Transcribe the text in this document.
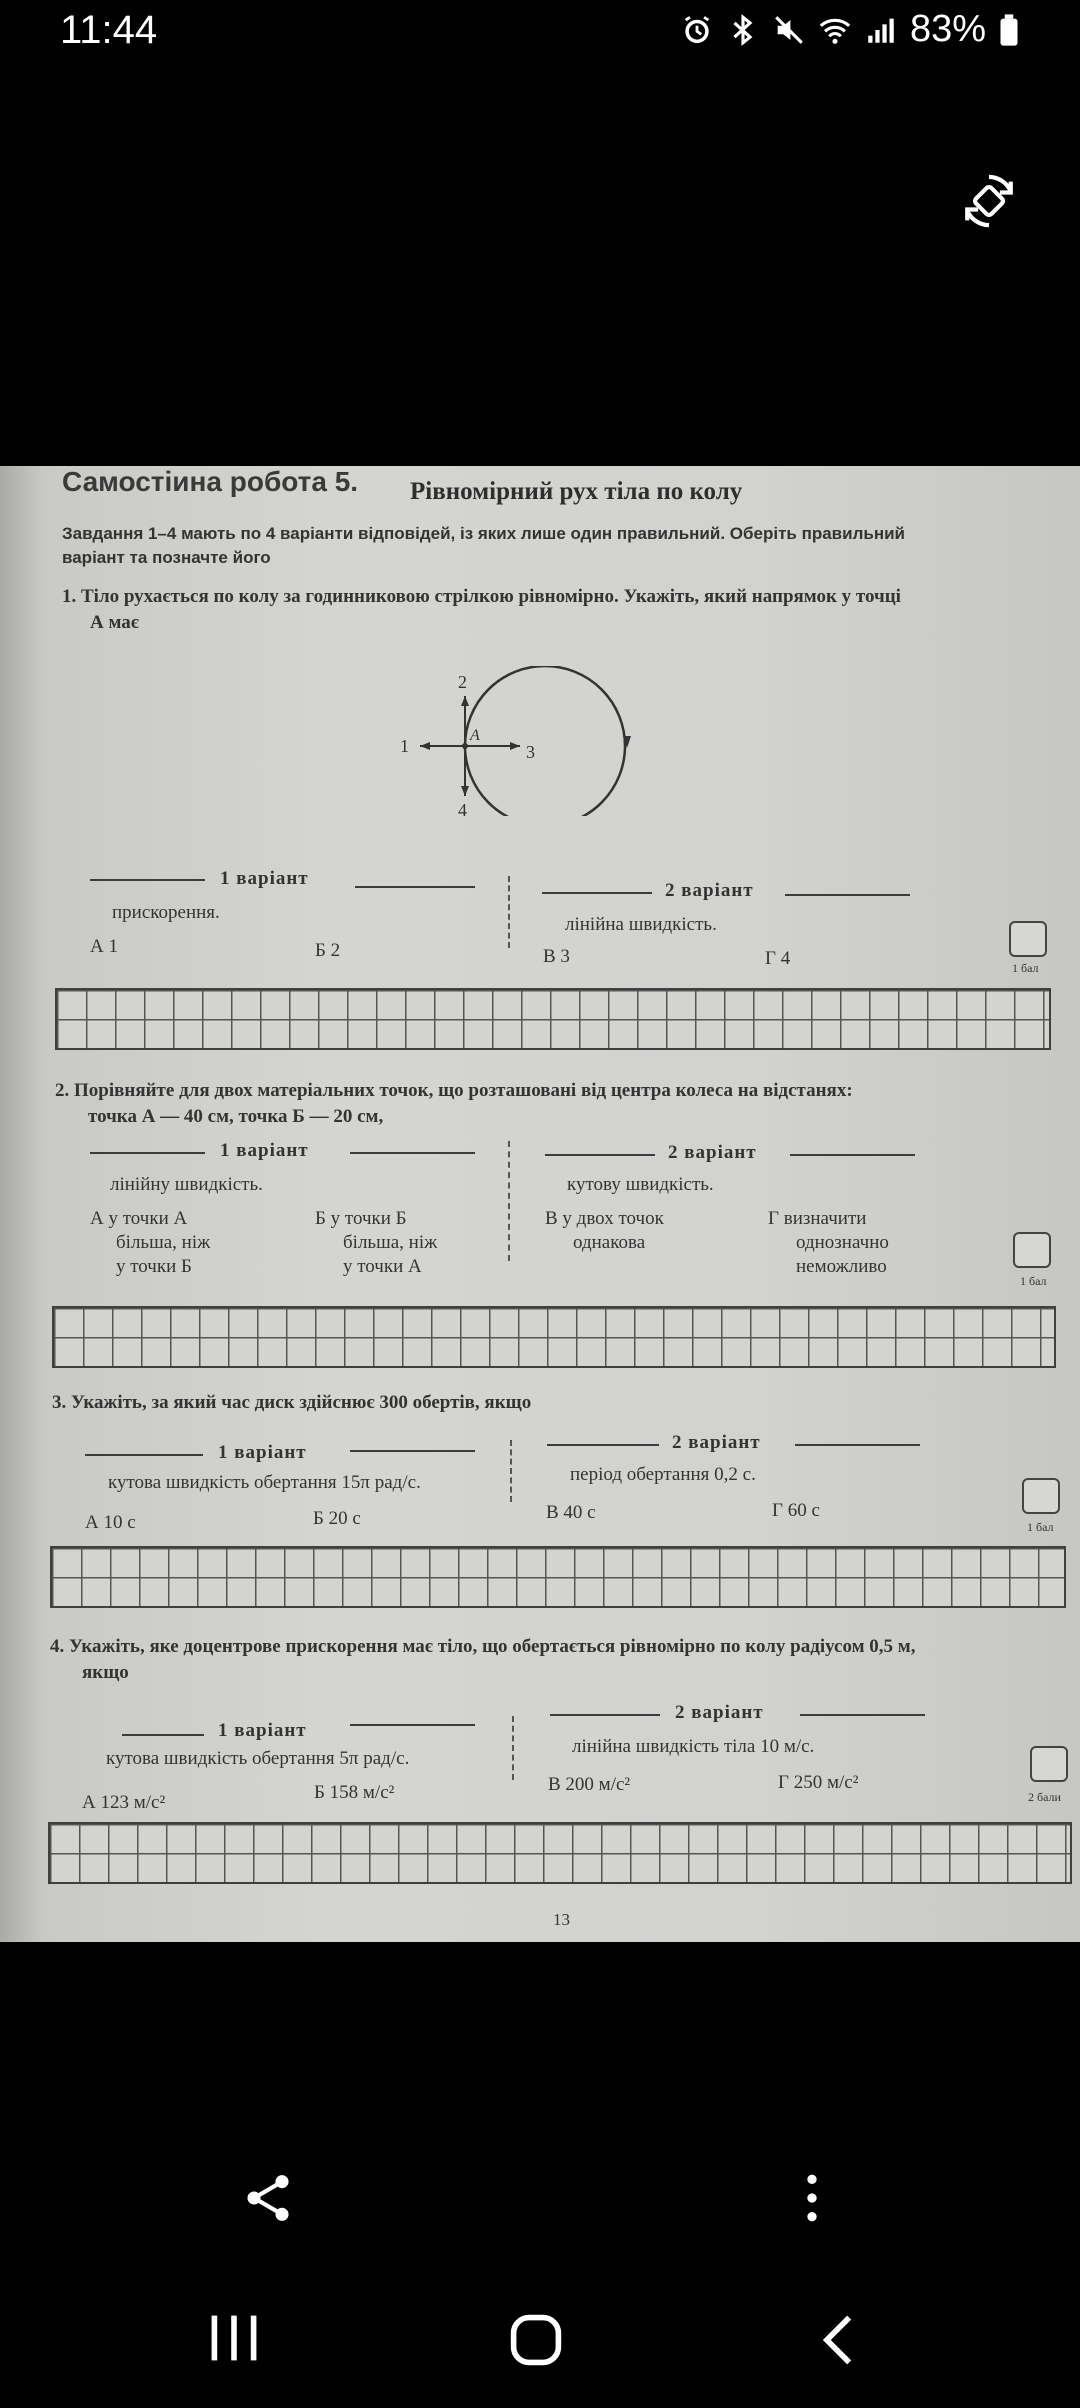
11:44	83%
Самостіина робота 5. Рівномірний рух тіла по колу
Завдання 1–4 мають по 4 варіанти відповідей, із яких лише один правильний. Оберіть правильний
варіант та позначте його
1. Тіло рухається по колу за годинниковою стрілкою рівномірно. Укажіть, який напрямок у точці
А має
1
2
3
4
A
1 варіант
2 варіант
прискорення.
лінійна швидкість.
А 1	Б 2	В 3	Г 4	1 бал
2. Порівняйте для двох матеріальних точок, що розташовані від центра колеса на відстанях:
точка А — 40 см, точка Б — 20 см,
1 варіант	2 варіант
лінійну швидкість.	кутову швидкість.
А у точки А
більша, ніж
у точки Б
Б у точки Б
більша, ніж
у точки А
В у двох точок
однакова
Г визначити
однозначно
неможливо
1 бал
3. Укажіть, за який час диск здійснює 300 обертів, якщо
1 варіант	2 варіант
кутова швидкість обертання 15π рад/с.	період обертання 0,2 с.
А 10 с	Б 20 с	В 40 с	Г 60 с
1 бал
4. Укажіть, яке доцентрове прискорення має тіло, що обертається рівномірно по колу радіусом 0,5 м,
якщо
1 варіант
2 варіант
кутова швидкість обертання 5π рад/с.
лінійна швидкість тіла 10 м/с.
А 123 м/с²	Б 158 м/с²	В 200 м/с²	Г 250 м/с²
2 бали
13
